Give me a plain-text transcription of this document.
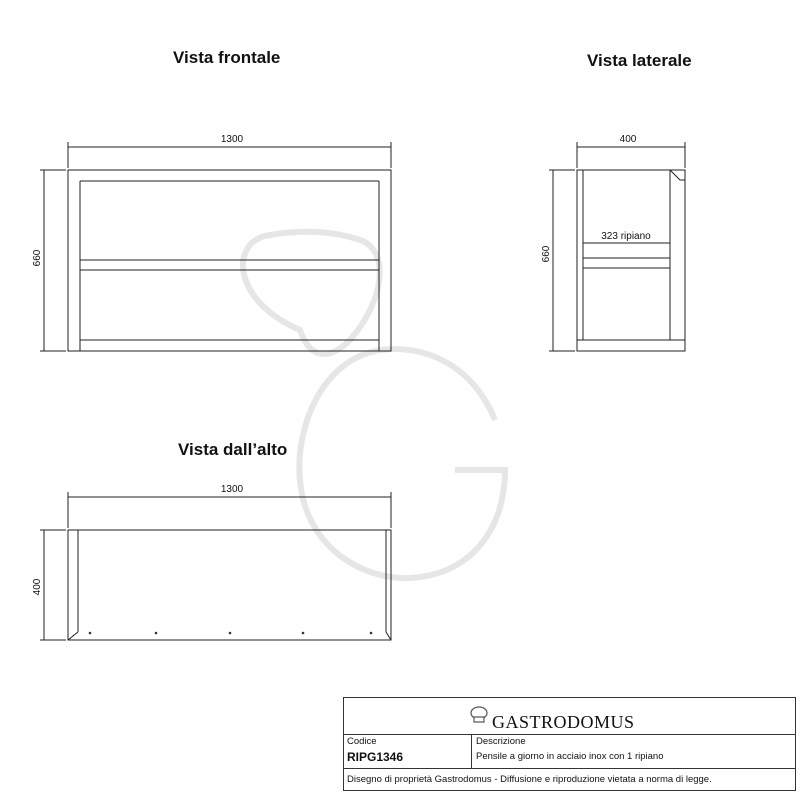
Vista frontale	Vista laterale
Vista dall’alto
1300
660
400
660
323 ripiano
1300
400
GASTRODOMUS
Codice
RIPG1346
Descrizione
Pensile a giorno in acciaio inox con 1 ripiano
Disegno di proprietà Gastrodomus - Diffusione e riproduzione vietata a norma di legge.
